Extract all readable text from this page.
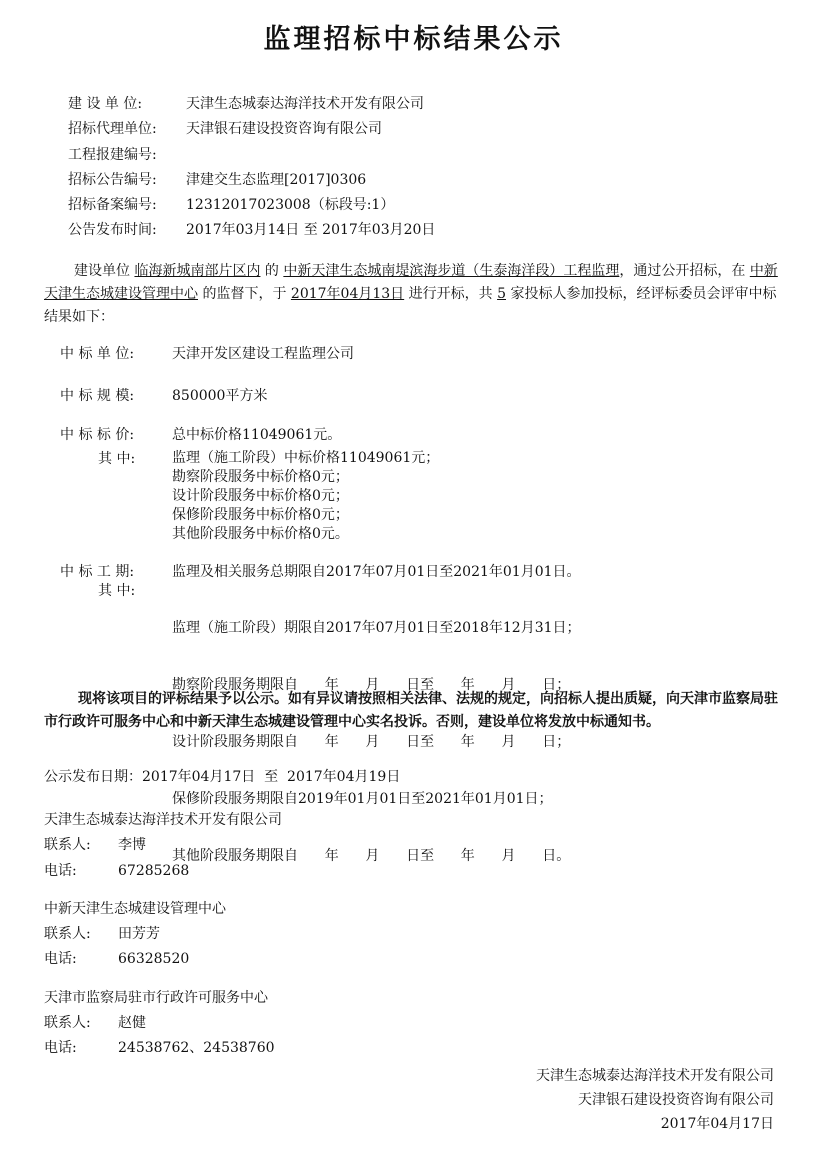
监理招标中标结果公示
建 设 单 位:	天津生态城泰达海洋技术开发有限公司
招标代理单位: 天津银石建设投资咨询有限公司
工程报建编号:
招标公告编号: 津建交生态监理[2017]0306
招标备案编号: 12312017023008（标段号:1）
公告发布时间: 2017年03月14日 至 2017年03月20日
建设单位 临海新城南部片区内 的 中新天津生态城南堤滨海步道（生泰海洋段）工程监理，通过公开招标，在 中新天津生态城建设管理中心 的监督下，于 2017年04月13日 进行开标，共 5 家投标人参加投标，经评标委员会评审中标结果如下：
中 标 单 位:	天津开发区建设工程监理公司
中 标 规 模:	850000平方米
中 标 标 价:	总中标价格11049061元。
其 中:	监理（施工阶段）中标价格11049061元；
勘察阶段服务中标价格0元；
设计阶段服务中标价格0元；
保修阶段服务中标价格0元；
其他阶段服务中标价格0元。
中 标 工 期:	监理及相关服务总期限自2017年07月01日至2021年01月01日。
其 中:

监理（施工阶段）期限自2017年07月01日至2018年12月31日；

勘察阶段服务期限自      年      月      日至      年      月      日；

设计阶段服务期限自      年      月      日至      年      月      日；

保修阶段服务期限自2019年01月01日至2021年01月01日；

其他阶段服务期限自      年      月      日至      年      月      日。

现将该项目的评标结果予以公示。如有异议请按照相关法律、法规的规定，向招标人提出质疑，向天津市监察局驻市行政许可服务中心和中新天津生态城建设管理中心实名投诉。否则，建设单位将发放中标通知书。
公示发布日期：2017年04月17日  至  2017年04月19日
天津生态城泰达海洋技术开发有限公司
联系人: 李博
电话:	67285268
中新天津生态城建设管理中心
联系人: 田芳芳
电话:	66328520
天津市监察局驻市行政许可服务中心
联系人: 赵健
电话:	24538762、24538760
天津生态城泰达海洋技术开发有限公司
天津银石建设投资咨询有限公司
2017年04月17日
